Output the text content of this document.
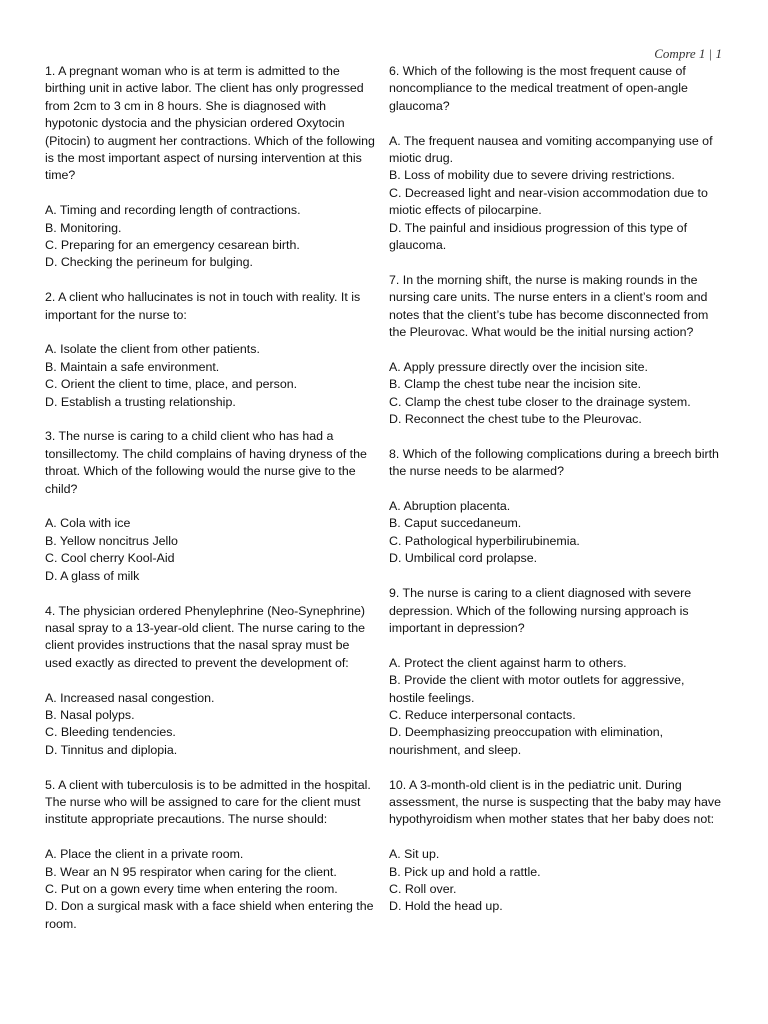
Compre 1 | 1
1. A pregnant woman who is at term is admitted to the birthing unit in active labor. The client has only progressed from 2cm to 3 cm in 8 hours. She is diagnosed with hypotonic dystocia and the physician ordered Oxytocin (Pitocin) to augment her contractions. Which of the following is the most important aspect of nursing intervention at this time?
A. Timing and recording length of contractions.
B. Monitoring.
C. Preparing for an emergency cesarean birth.
D. Checking the perineum for bulging.
2. A client who hallucinates is not in touch with reality. It is important for the nurse to:
A. Isolate the client from other patients.
B. Maintain a safe environment.
C. Orient the client to time, place, and person.
D. Establish a trusting relationship.
3. The nurse is caring to a child client who has had a tonsillectomy. The child complains of having dryness of the throat. Which of the following would the nurse give to the child?
A. Cola with ice
B. Yellow noncitrus Jello
C. Cool cherry Kool-Aid
D. A glass of milk
4. The physician ordered Phenylephrine (Neo-Synephrine) nasal spray to a 13-year-old client. The nurse caring to the client provides instructions that the nasal spray must be used exactly as directed to prevent the development of:
A. Increased nasal congestion.
B. Nasal polyps.
C. Bleeding tendencies.
D. Tinnitus and diplopia.
5. A client with tuberculosis is to be admitted in the hospital. The nurse who will be assigned to care for the client must institute appropriate precautions. The nurse should:
A. Place the client in a private room.
B. Wear an N 95 respirator when caring for the client.
C. Put on a gown every time when entering the room.
D. Don a surgical mask with a face shield when entering the room.
6. Which of the following is the most frequent cause of noncompliance to the medical treatment of open-angle glaucoma?
A. The frequent nausea and vomiting accompanying use of miotic drug.
B. Loss of mobility due to severe driving restrictions.
C. Decreased light and near-vision accommodation due to miotic effects of pilocarpine.
D. The painful and insidious progression of this type of glaucoma.
7. In the morning shift, the nurse is making rounds in the nursing care units. The nurse enters in a client’s room and notes that the client’s tube has become disconnected from the Pleurovac. What would be the initial nursing action?
A. Apply pressure directly over the incision site.
B. Clamp the chest tube near the incision site.
C. Clamp the chest tube closer to the drainage system.
D. Reconnect the chest tube to the Pleurovac.
8. Which of the following complications during a breech birth the nurse needs to be alarmed?
A. Abruption placenta.
B. Caput succedaneum.
C. Pathological hyperbilirubinemia.
D. Umbilical cord prolapse.
9. The nurse is caring to a client diagnosed with severe depression. Which of the following nursing approach is important in depression?
A. Protect the client against harm to others.
B. Provide the client with motor outlets for aggressive, hostile feelings.
C. Reduce interpersonal contacts.
D. Deemphasizing preoccupation with elimination, nourishment, and sleep.
10. A 3-month-old client is in the pediatric unit. During assessment, the nurse is suspecting that the baby may have hypothyroidism when mother states that her baby does not:
A. Sit up.
B. Pick up and hold a rattle.
C. Roll over.
D. Hold the head up.
